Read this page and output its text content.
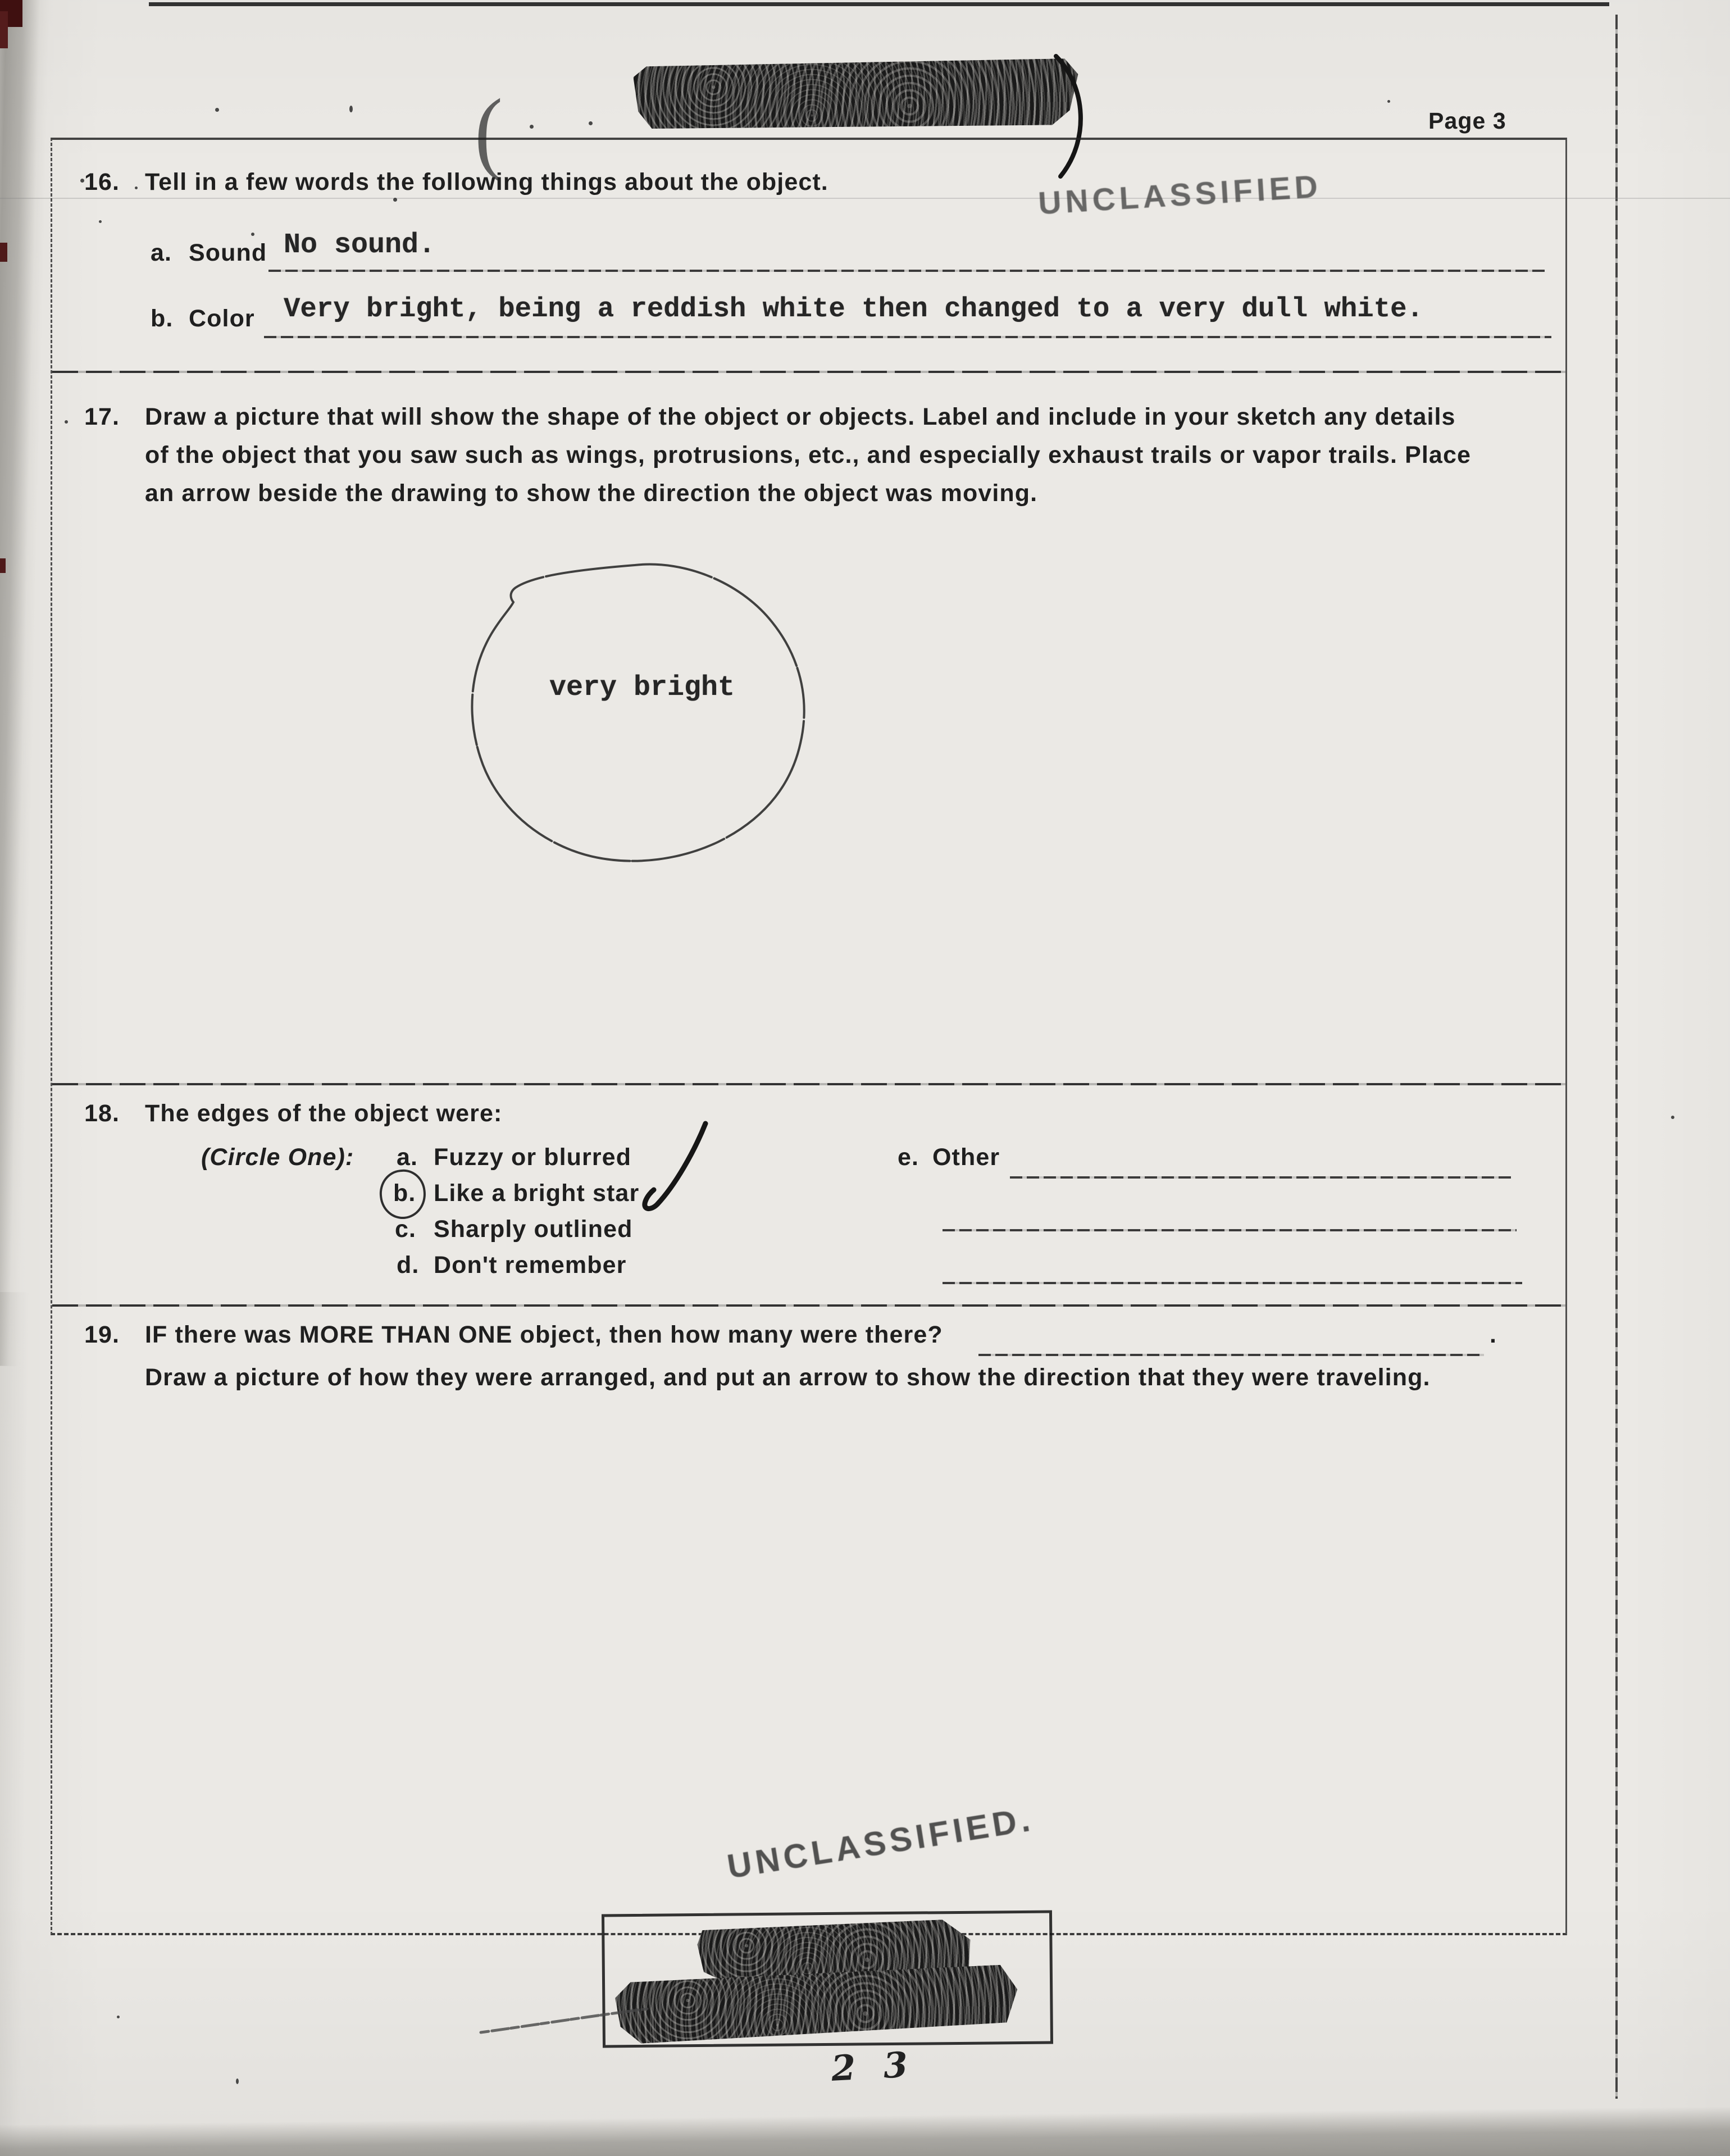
(	Page 3
UNCLASSIFIED
16. Tell in a few words the following things about the object.
a. Sound No sound.
b. Color Very bright, being a reddish white then changed to a very dull white.
17. Draw a picture that will show the shape of the object or objects. Label and include in your sketch any details
of the object that you saw such as wings, protrusions, etc., and especially exhaust trails or vapor trails. Place
an arrow beside the drawing to show the direction the object was moving.
very bright
18. The edges of the object were:
(Circle One): a. Fuzzy or blurred
b. Like a bright star
c. Sharply outlined
d. Don't remember
e. Other
19. IF there was MORE THAN ONE object, then how many were there?	.
Draw a picture of how they were arranged, and put an arrow to show the direction that they were traveling.
UNCLASSIFIED.
2 3
